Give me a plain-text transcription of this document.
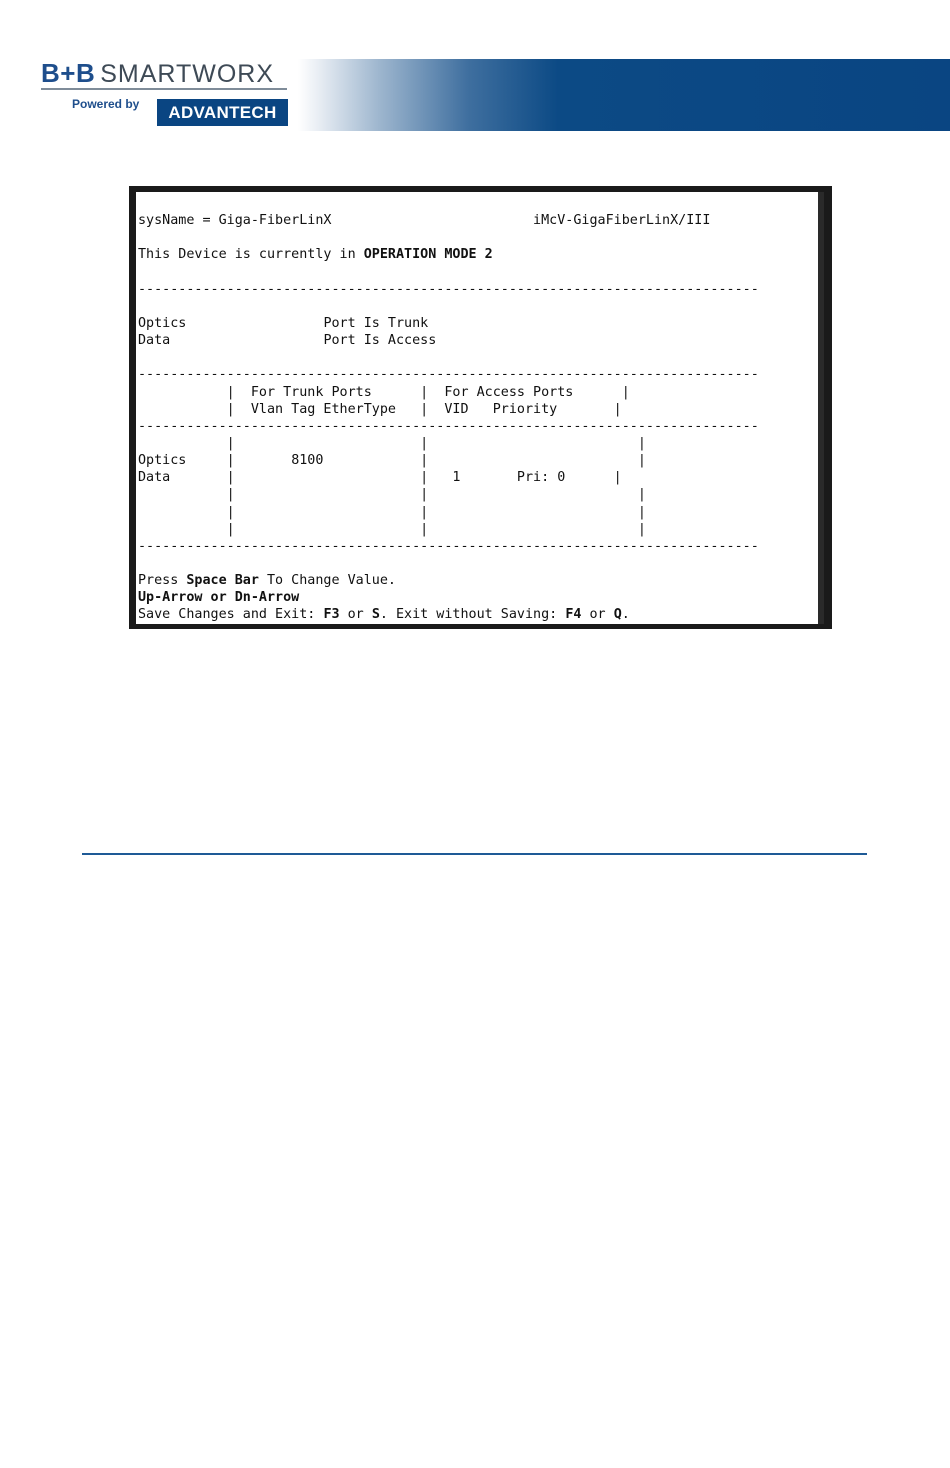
B+B SMARTWORX
Powered by	ADVANTECH

sysName = Giga-FiberLinX	iMcV-GigaFiberLinX/III

This Device is currently in OPERATION MODE 2

-----------------------------------------------------------------------------

Optics	Port Is Trunk
Data	Port Is Access

-----------------------------------------------------------------------------
|  For Trunk Ports      |  For Access Ports      |
|  Vlan Tag EtherType   |  VID Priority       |
-----------------------------------------------------------------------------
|                       |                          |
Optics     |       8100            |                          |
Data       |                       |   1	Pri: 0      |
|                       |                          |
|                       |                          |
|                       |                          |
-----------------------------------------------------------------------------

Press Space Bar To Change Value.
Up-Arrow or Dn-Arrow
Save Changes and Exit: F3 or S. Exit without Saving: F4 or Q.
